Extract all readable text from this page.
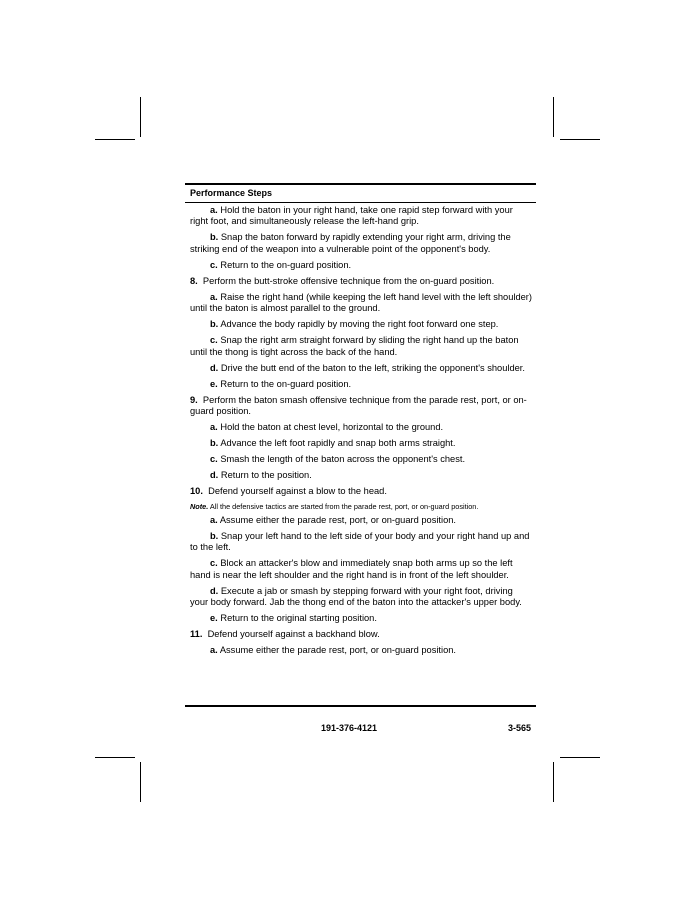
Performance Steps

a. Hold the baton in your right hand, take one rapid step forward with your right foot, and simultaneously release the left-hand grip.

b. Snap the baton forward by rapidly extending your right arm, driving the striking end of the weapon into a vulnerable point of the opponent's body.

c. Return to the on-guard position.

8.  Perform the butt-stroke offensive technique from the on-guard position.

a. Raise the right hand (while keeping the left hand level with the left shoulder) until the baton is almost parallel to the ground.

b. Advance the body rapidly by moving the right foot forward one step.

c. Snap the right arm straight forward by sliding the right hand up the baton until the thong is tight across the back of the hand.

d. Drive the butt end of the baton to the left, striking the opponent's shoulder.

e. Return to the on-guard position.

9.  Perform the baton smash offensive technique from the parade rest, port, or on-guard position.

a. Hold the baton at chest level, horizontal to the ground.

b. Advance the left foot rapidly and snap both arms straight.

c. Smash the length of the baton across the opponent's chest.

d. Return to the position.

10.  Defend yourself against a blow to the head.

Note. All the defensive tactics are started from the parade rest, port, or on-guard position.

a. Assume either the parade rest, port, or on-guard position.

b. Snap your left hand to the left side of your body and your right hand up and to the left.

c. Block an attacker's blow and immediately snap both arms up so the left hand is near the left shoulder and the right hand is in front of the left shoulder.

d. Execute a jab or smash by stepping forward with your right foot, driving your body forward. Jab the thong end of the baton into the attacker's upper body.

e. Return to the original starting position.

11.  Defend yourself against a backhand blow.

a. Assume either the parade rest, port, or on-guard position.

191-376-4121	3-565
